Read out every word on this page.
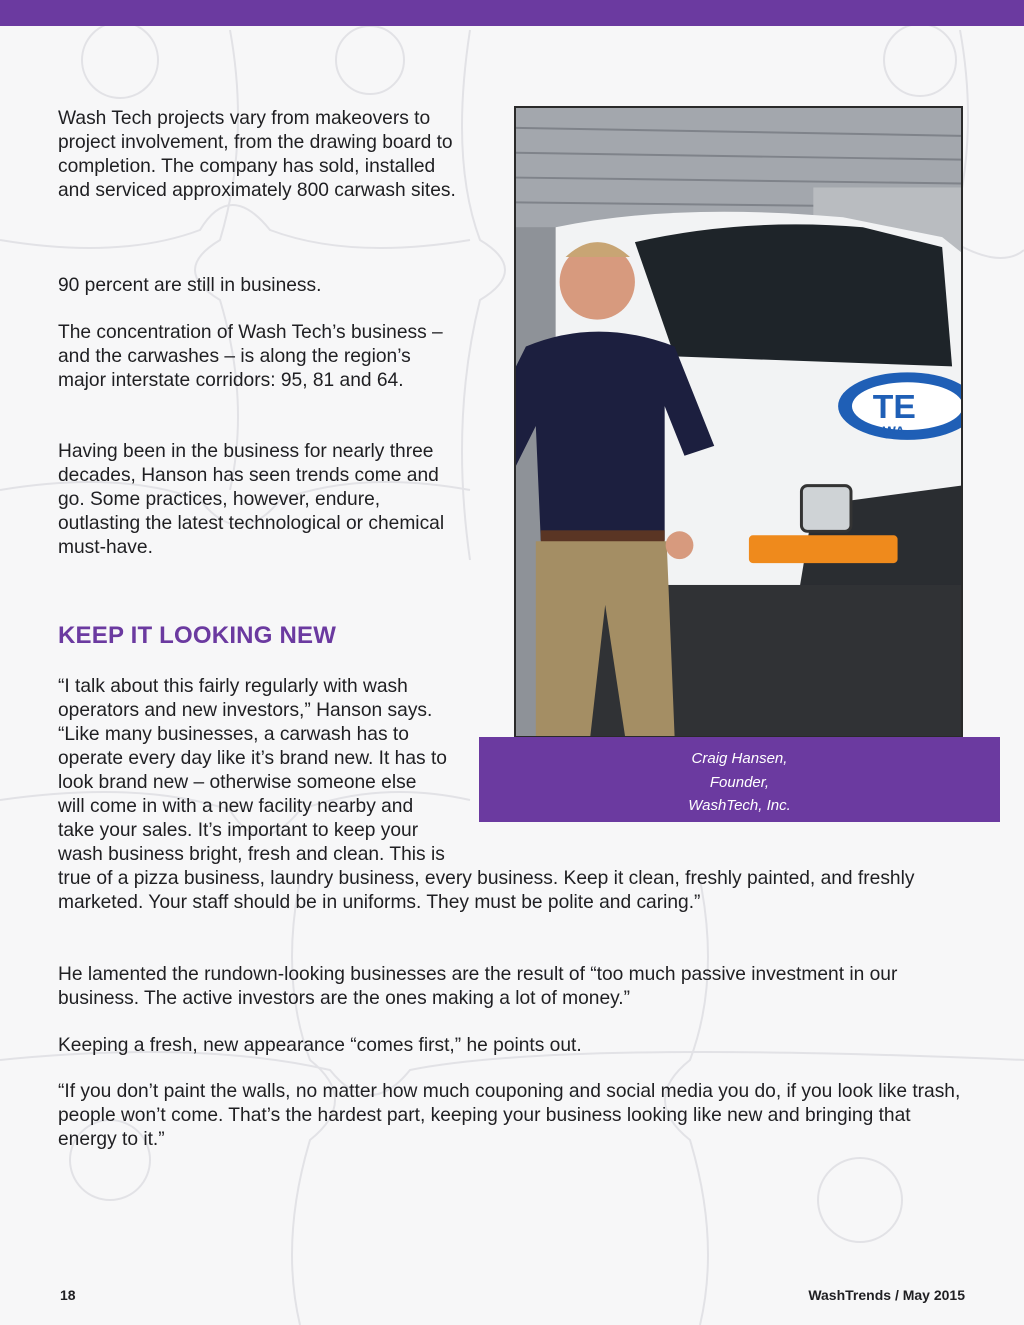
Wash Tech projects vary from makeovers to project involvement, from the drawing board to completion. The company has sold, installed and serviced approximately 800 carwash sites.

90 percent are still in business.

The concentration of Wash Tech’s business – and the carwashes – is along the region’s major interstate corridors: 95, 81 and 64.

Having been in the business for nearly three decades, Hanson has seen trends come and go. Some practices, however, endure, outlasting the latest technological or chemical must-have.

KEEP IT LOOKING NEW
“I talk about this fairly regularly with wash operators and new investors,” Hanson says. “Like many businesses, a carwash has to operate every day like it’s brand new. It has to look brand new – otherwise someone else will come in with a new facility nearby and take your sales. It’s important to keep your wash business bright, fresh and clean. This is true of a pizza business, laundry business, every business. Keep it clean, freshly painted, and freshly marketed. Your staff should be in uniforms. They must be polite and caring.”

He lamented the rundown-looking businesses are the result of “too much passive investment in our business. The active investors are the ones making a lot of money.”

Keeping a fresh, new appearance “comes first,” he points out.

“If you don’t paint the walls, no matter how much couponing and social media you do, if you look like trash, people won’t come. That’s the hardest part, keeping your business looking like new and bringing that energy to it.”

TE
WA
Craig Hansen,
Founder,
WashTech, Inc.
18	WashTrends / May 2015
